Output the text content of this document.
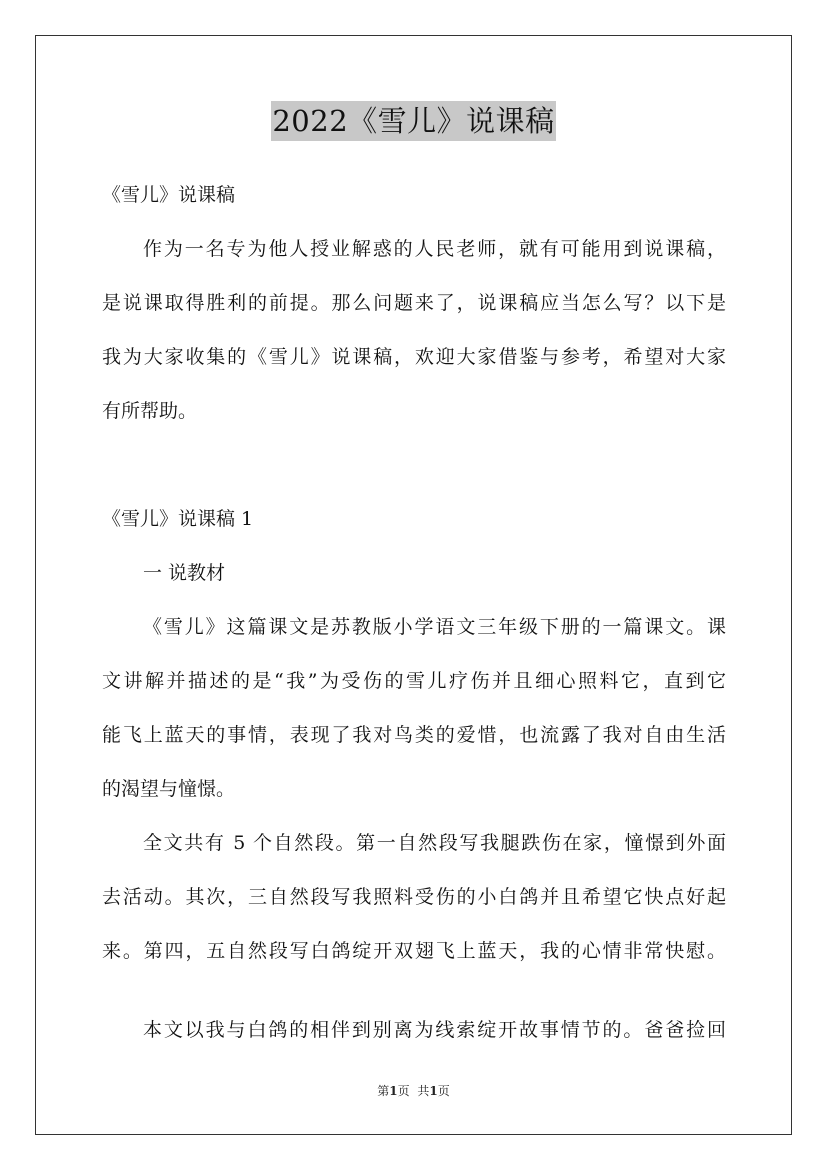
2022《雪儿》说课稿
《雪儿》说课稿
作为一名专为他人授业解惑的人民老师，就有可能用到说课稿，
是说课取得胜利的前提。那么问题来了，说课稿应当怎么写？以下是
我为大家收集的《雪儿》说课稿，欢迎大家借鉴与参考，希望对大家
有所帮助。
《雪儿》说课稿 1
一 说教材
《雪儿》这篇课文是苏教版小学语文三年级下册的一篇课文。课
文讲解并描述的是“我”为受伤的雪儿疗伤并且细心照料它，直到它
能飞上蓝天的事情，表现了我对鸟类的爱惜，也流露了我对自由生活
的渴望与憧憬。
全文共有 5 个自然段。第一自然段写我腿跌伤在家，憧憬到外面
去活动。其次，三自然段写我照料受伤的小白鸽并且希望它快点好起
来。第四，五自然段写白鸽绽开双翅飞上蓝天，我的心情非常快慰。
本文以我与白鸽的相伴到别离为线索绽开故事情节的。爸爸捡回
第1页 共1页
